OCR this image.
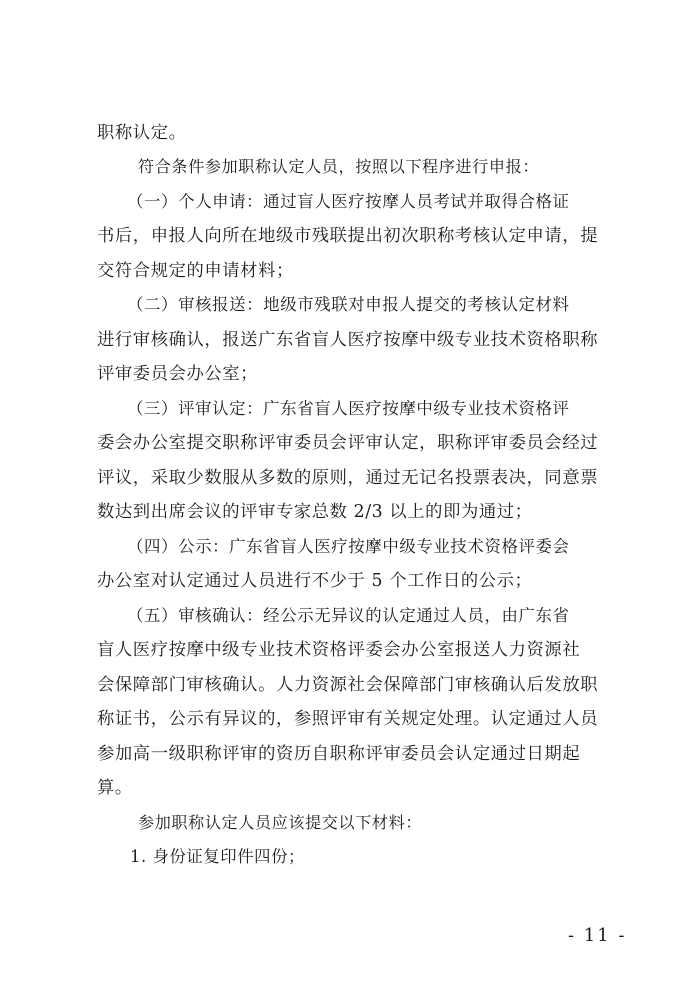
职称认定。
符合条件参加职称认定人员，按照以下程序进行申报：
（一）个人申请：通过盲人医疗按摩人员考试并取得合格证
书后，申报人向所在地级市残联提出初次职称考核认定申请，提
交符合规定的申请材料；
（二）审核报送：地级市残联对申报人提交的考核认定材料
进行审核确认，报送广东省盲人医疗按摩中级专业技术资格职称
评审委员会办公室；
（三）评审认定：广东省盲人医疗按摩中级专业技术资格评
委会办公室提交职称评审委员会评审认定，职称评审委员会经过
评议，采取少数服从多数的原则，通过无记名投票表决，同意票
数达到出席会议的评审专家总数 2/3 以上的即为通过；
（四）公示：广东省盲人医疗按摩中级专业技术资格评委会
办公室对认定通过人员进行不少于 5 个工作日的公示；
（五）审核确认：经公示无异议的认定通过人员，由广东省
盲人医疗按摩中级专业技术资格评委会办公室报送人力资源社
会保障部门审核确认。人力资源社会保障部门审核确认后发放职
称证书，公示有异议的，参照评审有关规定处理。认定通过人员
参加高一级职称评审的资历自职称评审委员会认定通过日期起
算。
参加职称认定人员应该提交以下材料：
1. 身份证复印件四份；
- 11 -
